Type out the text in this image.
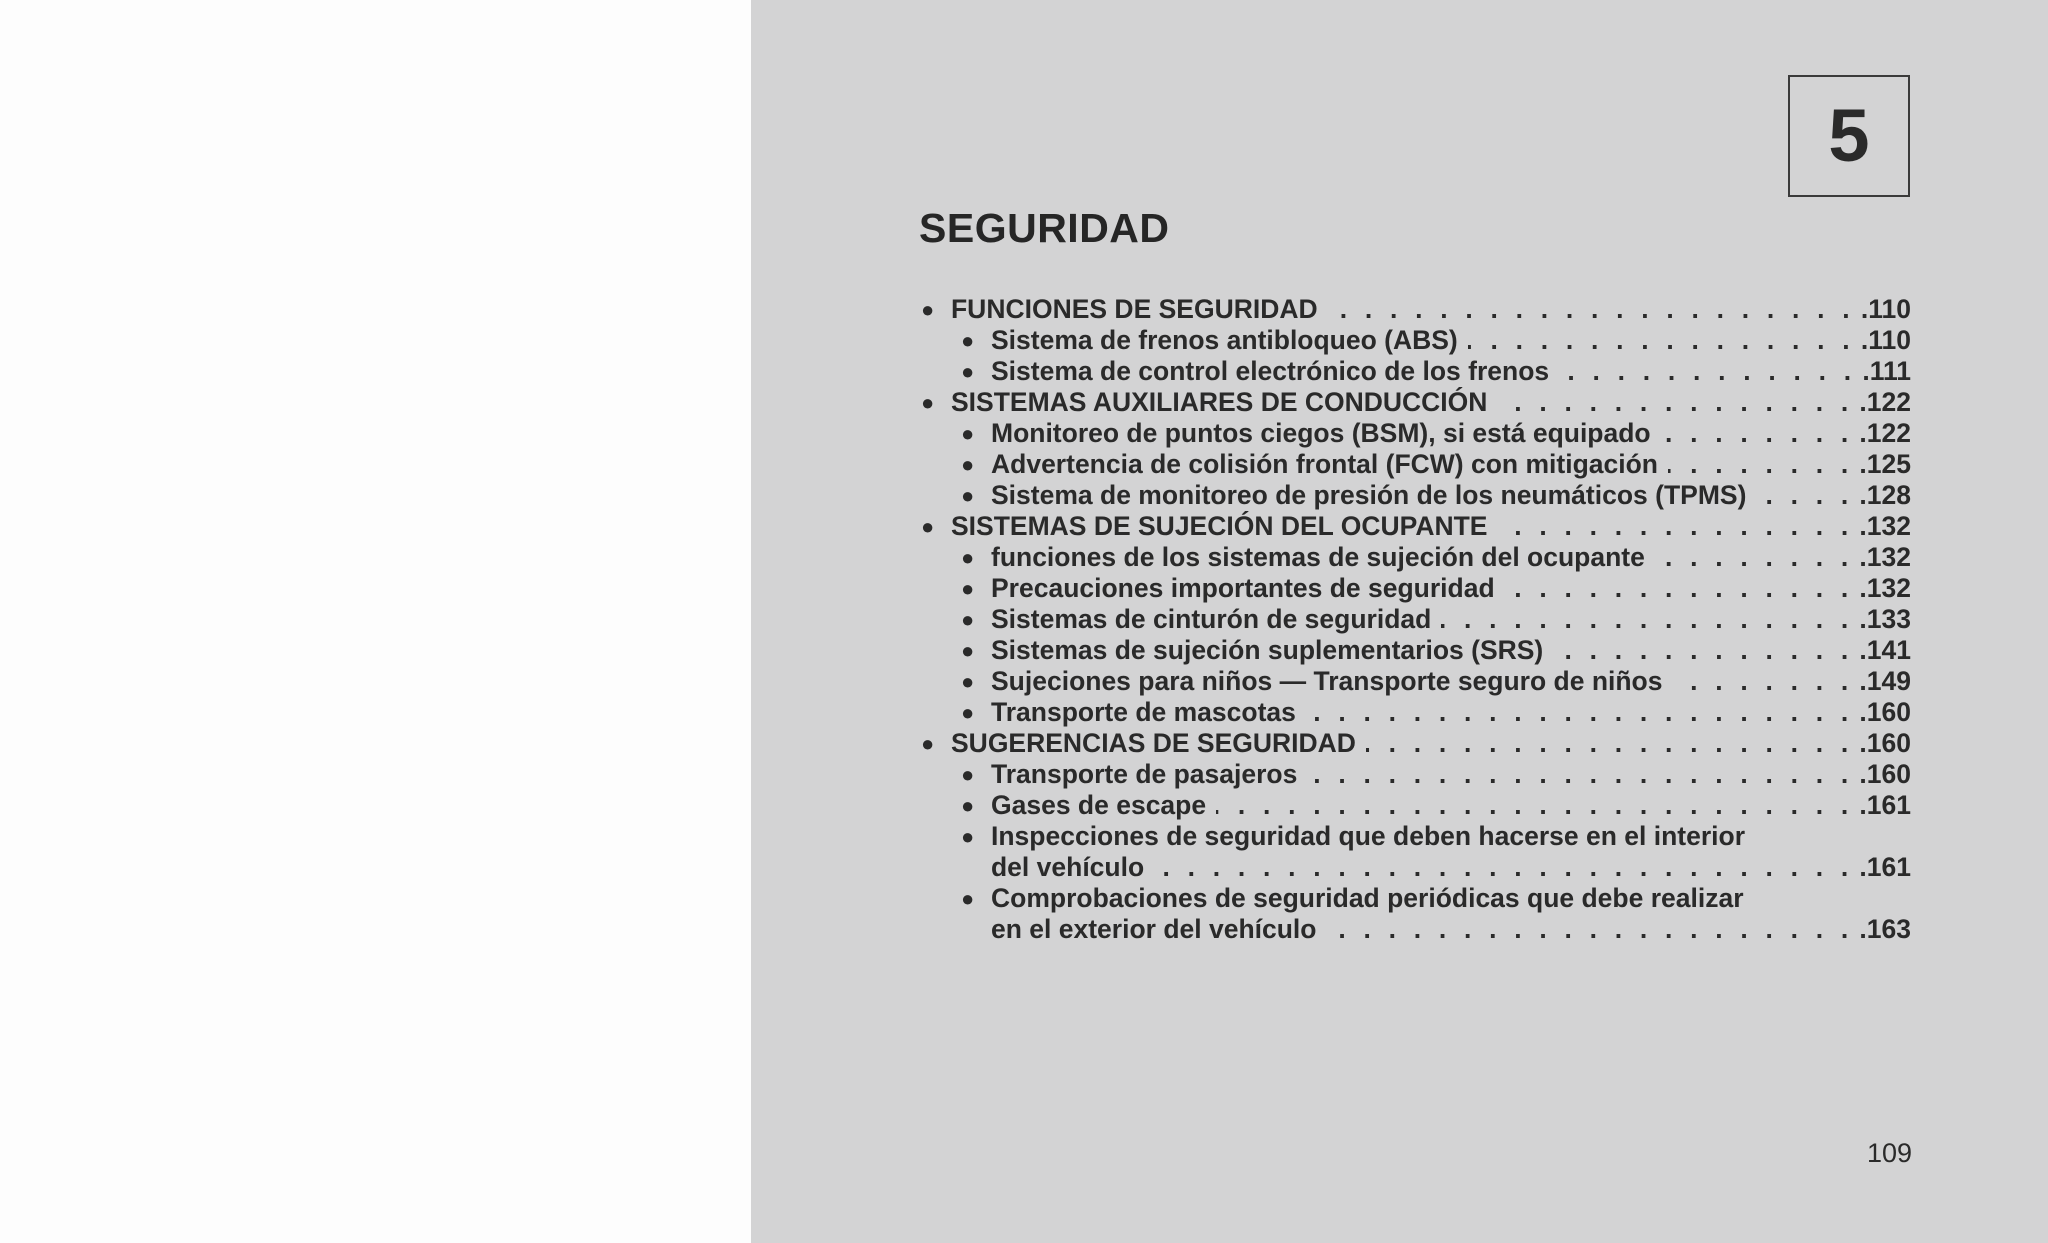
5
SEGURIDAD
● FUNCIONES DE SEGURIDAD . . .	.110
● Sistema de frenos antibloqueo (ABS) . . .	.110
● Sistema de control electrónico de los frenos . . .	.111
● SISTEMAS AUXILIARES DE CONDUCCIÓN . . .	.122
● Monitoreo de puntos ciegos (BSM), si está equipado . . .	.122
● Advertencia de colisión frontal (FCW) con mitigación . . .	.125
● Sistema de monitoreo de presión de los neumáticos (TPMS) . . .	.128
● SISTEMAS DE SUJECIÓN DEL OCUPANTE . . .	.132
● funciones de los sistemas de sujeción del ocupante . . .	.132
● Precauciones importantes de seguridad . . .	.132
● Sistemas de cinturón de seguridad . . .	.133
● Sistemas de sujeción suplementarios (SRS) . . .	.141
● Sujeciones para niños — Transporte seguro de niños . . .	.149
● Transporte de mascotas . . .	.160
● SUGERENCIAS DE SEGURIDAD . . .	.160
● Transporte de pasajeros . . .	.160
● Gases de escape . . .	.161
● Inspecciones de seguridad que deben hacerse en el interior
del vehículo . . .	.161
● Comprobaciones de seguridad periódicas que debe realizar
en el exterior del vehículo . . .	.163
109
